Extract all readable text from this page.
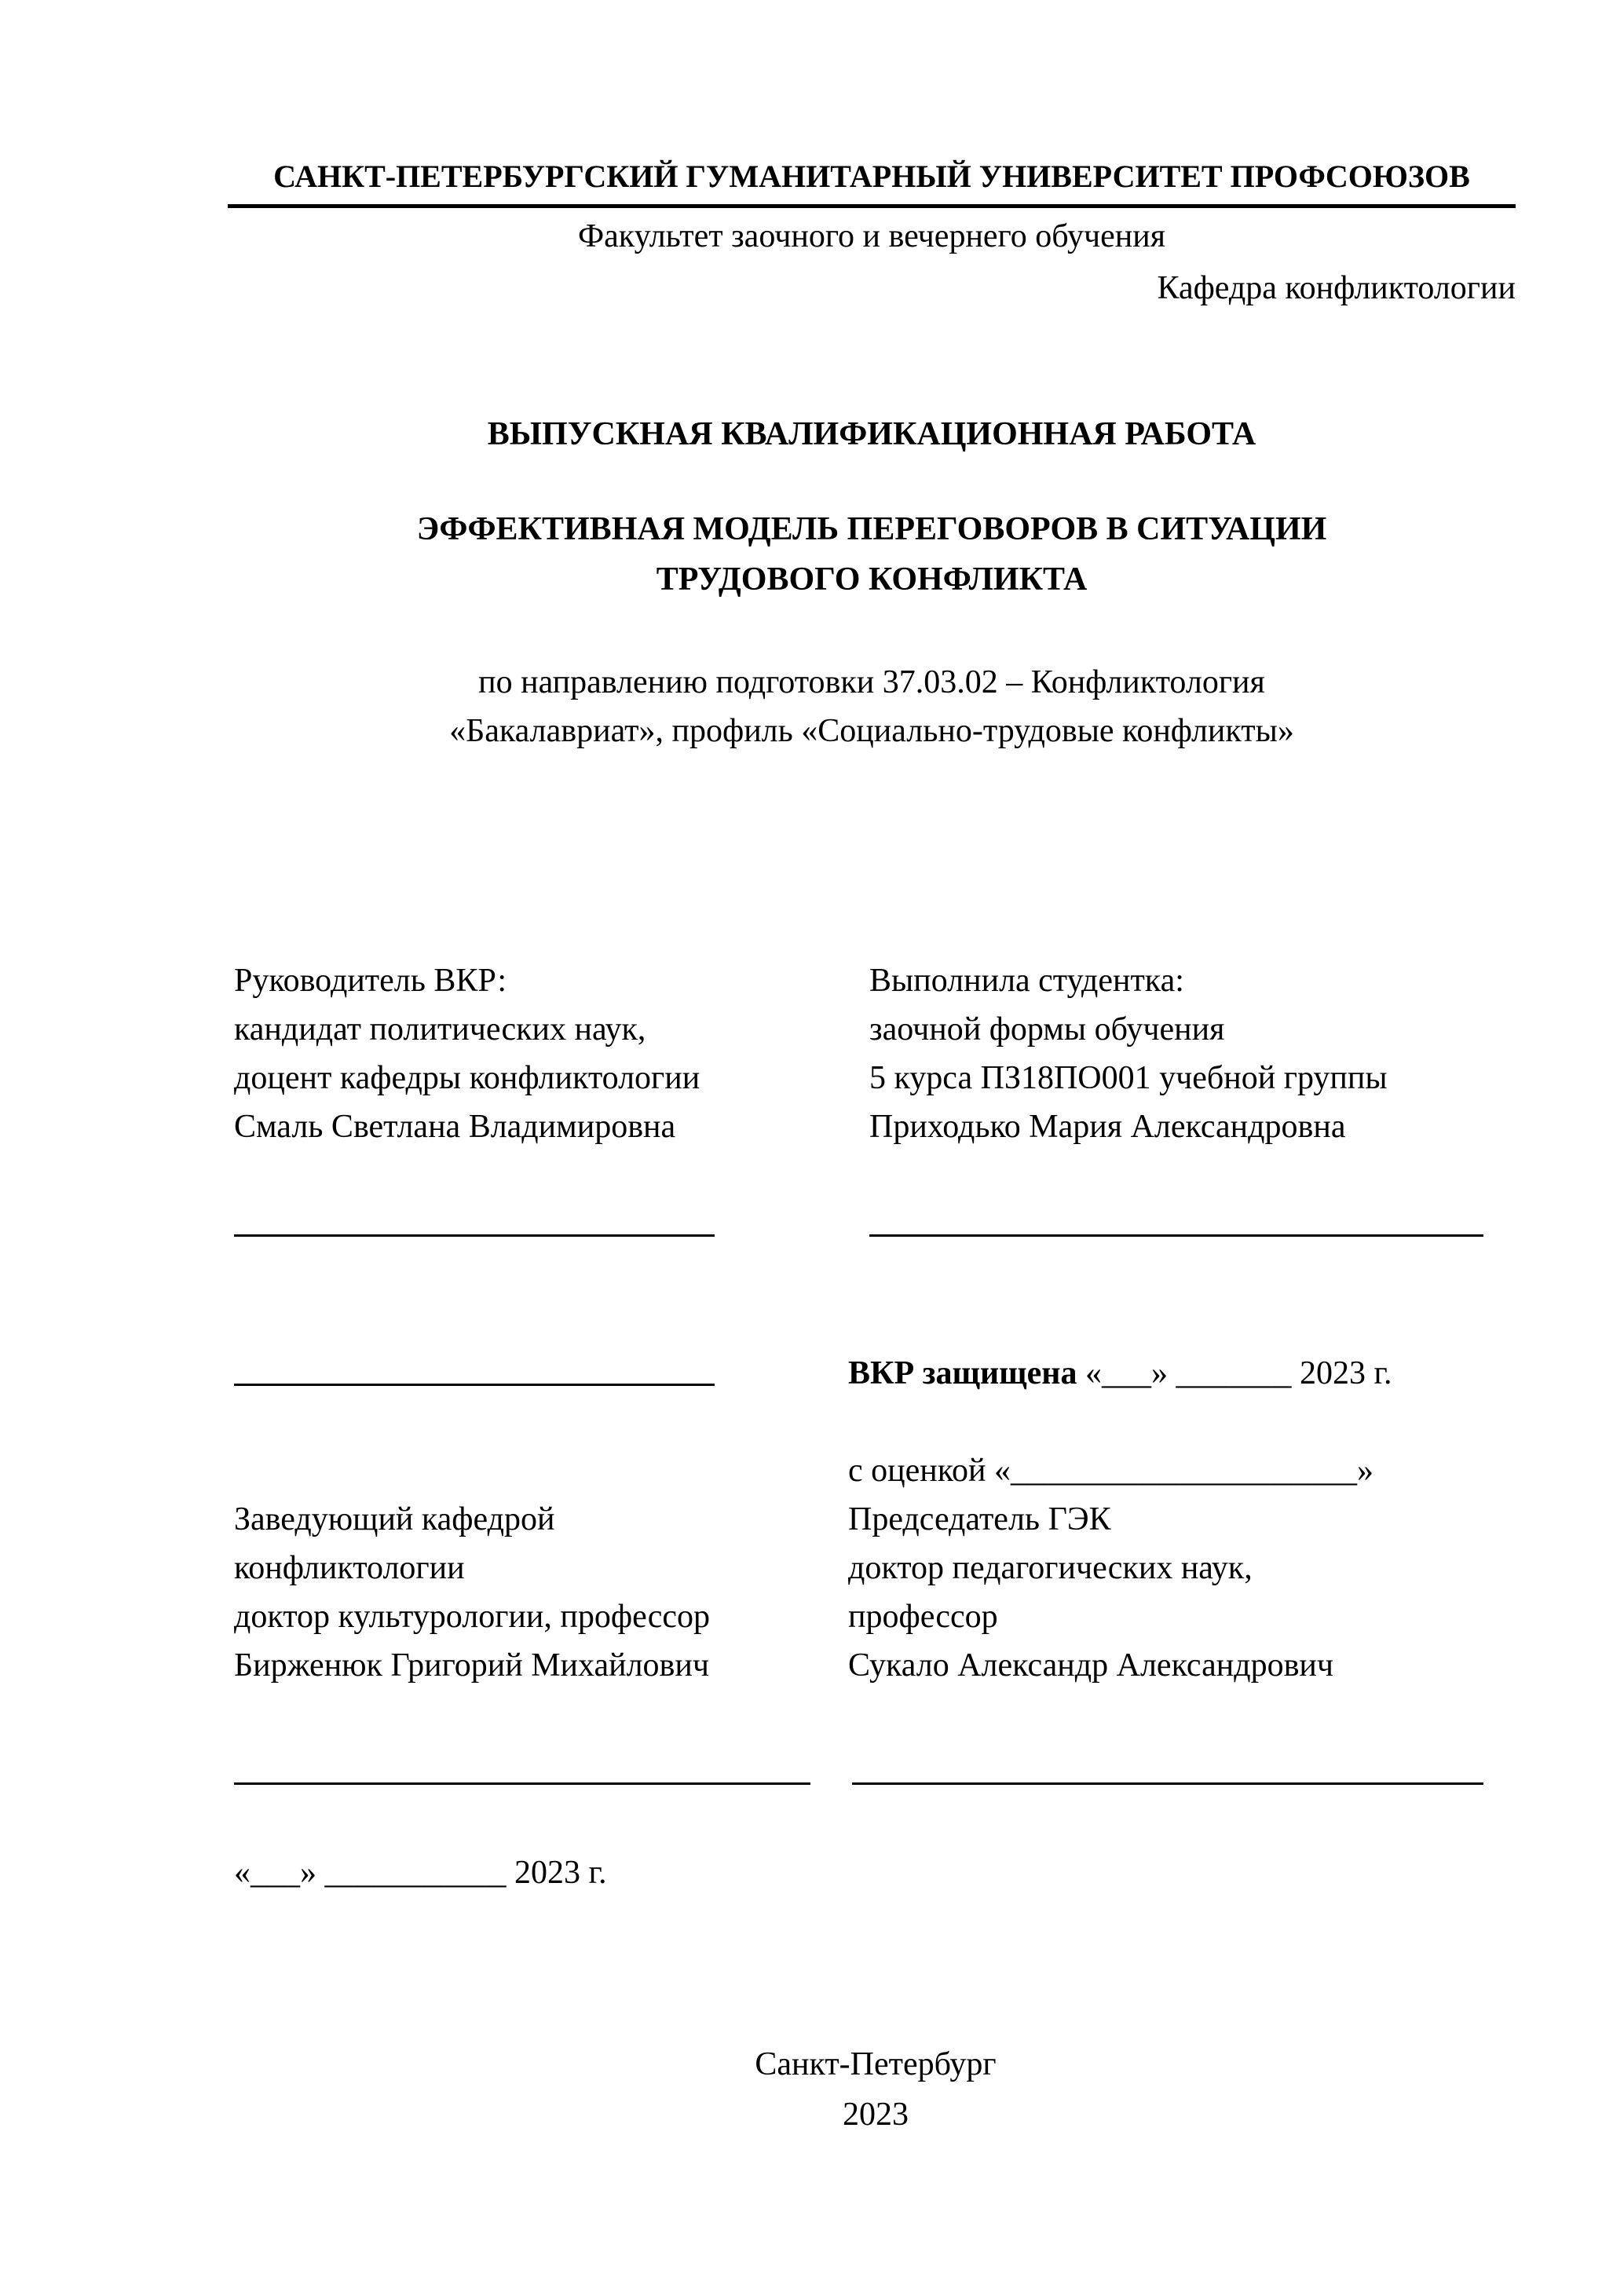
САНКТ-ПЕТЕРБУРГСКИЙ ГУМАНИТАРНЫЙ УНИВЕРСИТЕТ ПРОФСОЮЗОВ
Факультет заочного и вечернего обучения
Кафедра конфликтологии
ВЫПУСКНАЯ КВАЛИФИКАЦИОННАЯ РАБОТА
ЭФФЕКТИВНАЯ МОДЕЛЬ ПЕРЕГОВОРОВ В СИТУАЦИИ
ТРУДОВОГО КОНФЛИКТА
по направлению подготовки 37.03.02 – Конфликтология
«Бакалавриат», профиль «Социально-трудовые конфликты»
Руководитель ВКР:
кандидат политических наук,
доцент кафедры конфликтологии
Смаль Светлана Владимировна
Выполнила студентка:
заочной формы обучения
5 курса ПЗ18ПО001 учебной группы
Приходько Мария Александровна
ВКР защищена «___» _______ 2023 г.
с оценкой «_____________________»
Заведующий кафедрой
конфликтологии
доктор культурологии, профессор
Бирженюк Григорий Михайлович
Председатель ГЭК
доктор педагогических наук,
профессор
Сукало Александр Александрович
«___» ___________ 2023 г.
Санкт-Петербург
2023
